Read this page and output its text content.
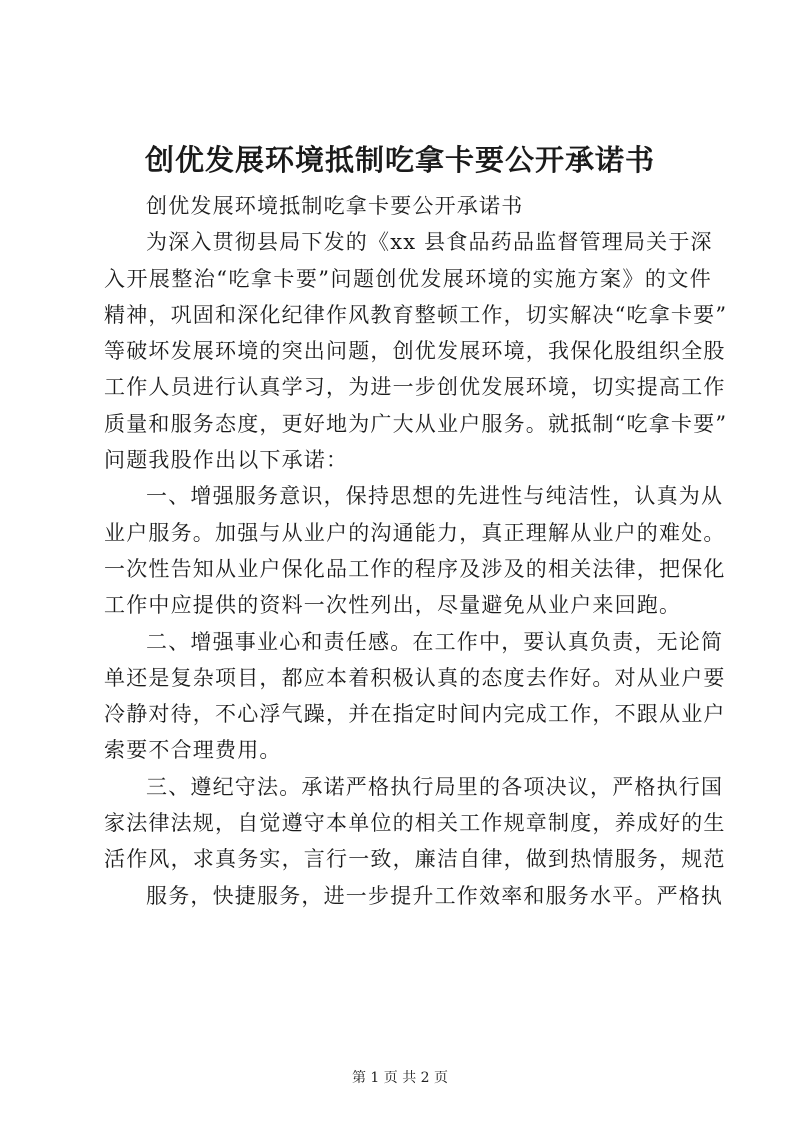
创优发展环境抵制吃拿卡要公开承诺书
创优发展环境抵制吃拿卡要公开承诺书
为深入贯彻县局下发的《xx 县食品药品监督管理局关于深
入开展整治“吃拿卡要”问题创优发展环境的实施方案》的文件
精神，巩固和深化纪律作风教育整顿工作，切实解决“吃拿卡要”
等破坏发展环境的突出问题，创优发展环境，我保化股组织全股
工作人员进行认真学习，为进一步创优发展环境，切实提高工作
质量和服务态度，更好地为广大从业户服务。就抵制“吃拿卡要”
问题我股作出以下承诺：
一、增强服务意识，保持思想的先进性与纯洁性，认真为从
业户服务。加强与从业户的沟通能力，真正理解从业户的难处。
一次性告知从业户保化品工作的程序及涉及的相关法律，把保化
工作中应提供的资料一次性列出，尽量避免从业户来回跑。
二、增强事业心和责任感。在工作中，要认真负责，无论简
单还是复杂项目，都应本着积极认真的态度去作好。对从业户要
冷静对待，不心浮气躁，并在指定时间内完成工作，不跟从业户
索要不合理费用。
三、遵纪守法。承诺严格执行局里的各项决议，严格执行国
家法律法规，自觉遵守本单位的相关工作规章制度，养成好的生
活作风，求真务实，言行一致，廉洁自律，做到热情服务，规范
服务，快捷服务，进一步提升工作效率和服务水平。严格执
第 1 页 共 2 页
